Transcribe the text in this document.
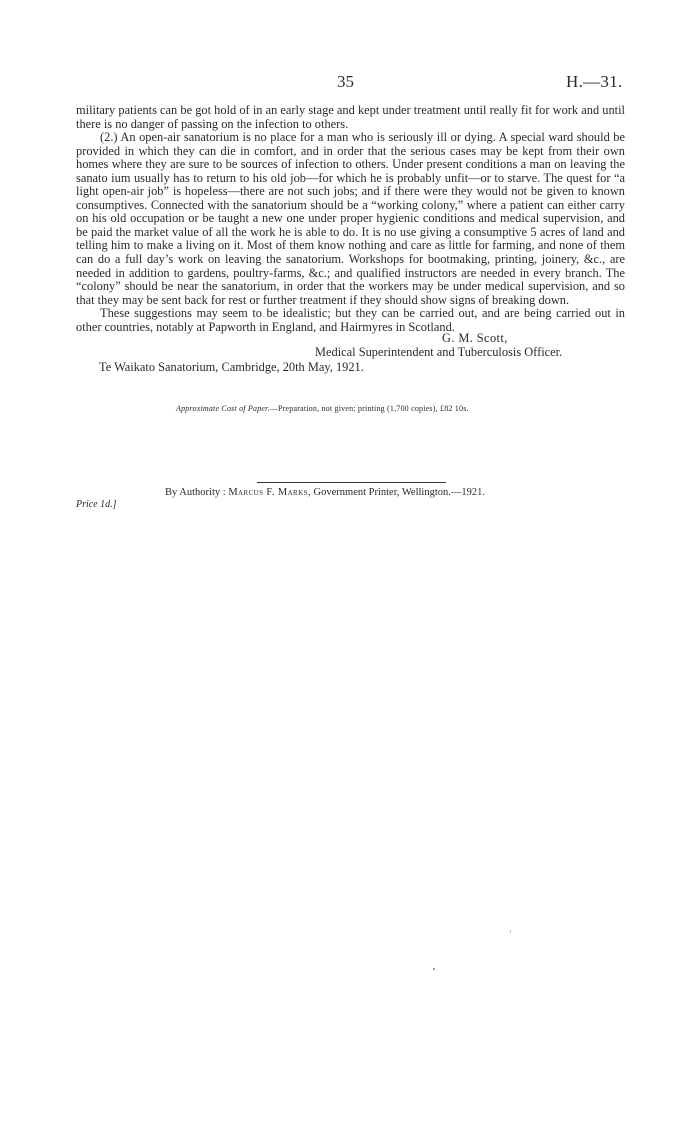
35	H.—31.

military patients can be got hold of in an early stage and kept under treatment until really fit for work and until there is no danger of passing on the infection to others.

(2.) An open-air sanatorium is no place for a man who is seriously ill or dying. A special ward should be provided in which they can die in comfort, and in order that the serious cases may be kept from their own homes where they are sure to be sources of infection to others. Under present conditions a man on leaving the sanato ium usually has to return to his old job—for which he is probably unfit—or to starve. The quest for “a light open-air job” is hopeless—there are not such jobs; and if there were they would not be given to known consumptives. Connected with the sanatorium should be a “working colony,” where a patient can either carry on his old occupation or be taught a new one under proper hygienic conditions and medical supervision, and be paid the market value of all the work he is able to do. It is no use giving a consumptive 5 acres of land and telling him to make a living on it. Most of them know nothing and care as little for farming, and none of them can do a full day’s work on leaving the sanatorium. Workshops for bootmaking, printing, joinery, &c., are needed in addition to gardens, poultry-farms, &c.; and qualified instructors are needed in every branch. The “colony” should be near the sanatorium, in order that the workers may be under medical supervision, and so that they may be sent back for rest or further treatment if they should show signs of breaking down.

These suggestions may seem to be idealistic; but they can be carried out, and are being carried out in other countries, notably at Papworth in England, and Hairmyres in Scotland.

G. M. Scott,
Medical Superintendent and Tuberculosis Officer.
Te Waikato Sanatorium, Cambridge, 20th May, 1921.
Approximate Cost of Paper.—Preparation, not given; printing (1,700 copies), £82 10s.
By Authority : Marcus F. Marks, Government Printer, Wellington.—1921.
Price 1d.]
